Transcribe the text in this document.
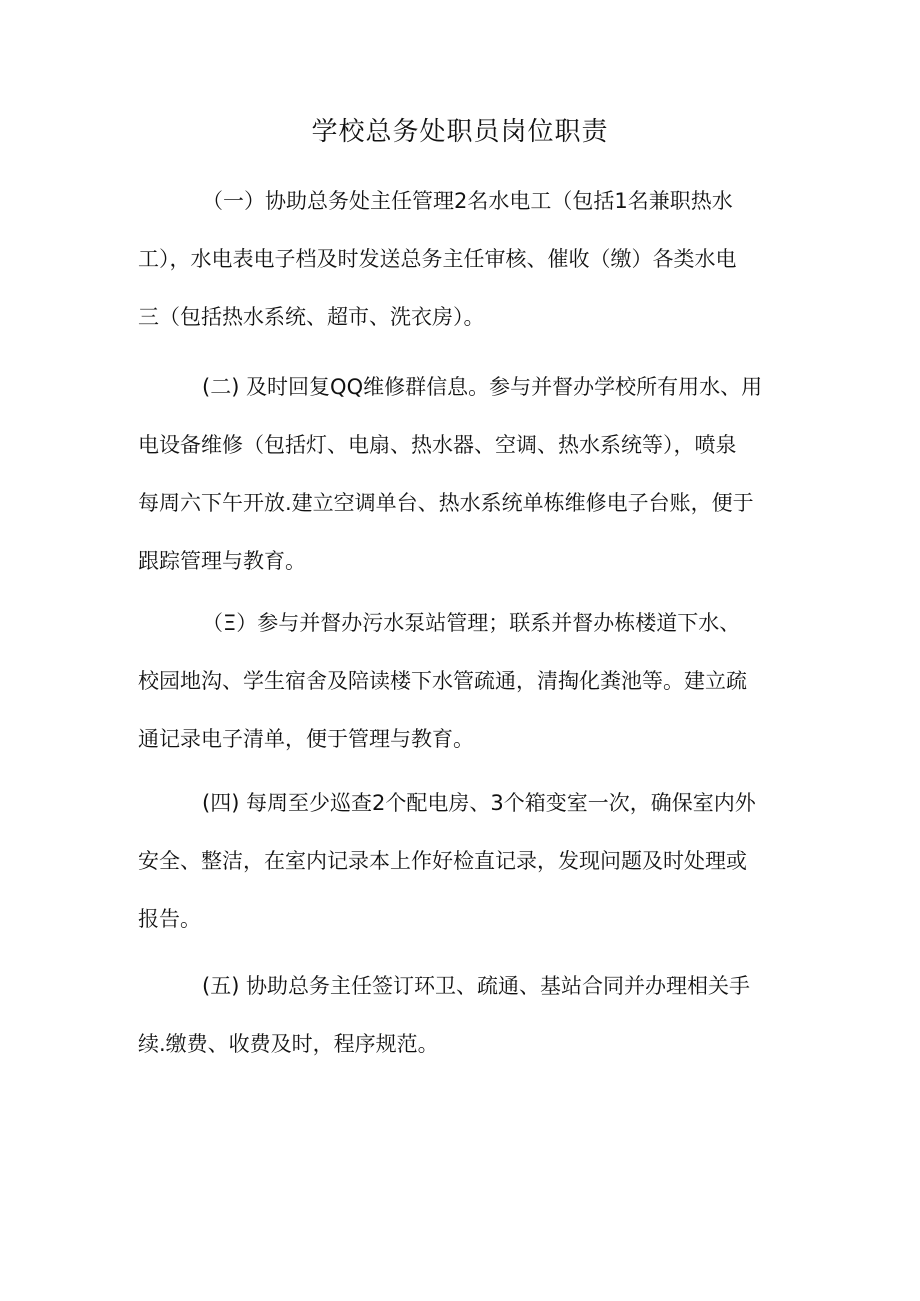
学校总务处职员岗位职责
（一）协助总务处主任管理2名水电工（包括1名兼职热水
工），水电表电子档及时发送总务主任审核、催收（缴）各类水电
三（包括热水系统、超市、洗衣房）。
(二) 及时回复QQ维修群信息。参与并督办学校所有用水、用
电设备维修（包括灯、电扇、热水器、空调、热水系统等），喷泉
每周六下午开放.建立空调单台、热水系统单栋维修电子台账，便于
跟踪管理与教育。
（Ξ）参与并督办污水泵站管理；联系并督办栋楼道下水、
校园地沟、学生宿舍及陪读楼下水管疏通，清掏化粪池等。建立疏
通记录电子清单，便于管理与教育。
(四) 每周至少巡查2个配电房、3个箱变室一次，确保室内外
安全、整洁，在室内记录本上作好检直记录，发现问题及时处理或
报告。
(五) 协助总务主任签订环卫、疏通、基站合同并办理相关手
续.缴费、收费及时，程序规范。
